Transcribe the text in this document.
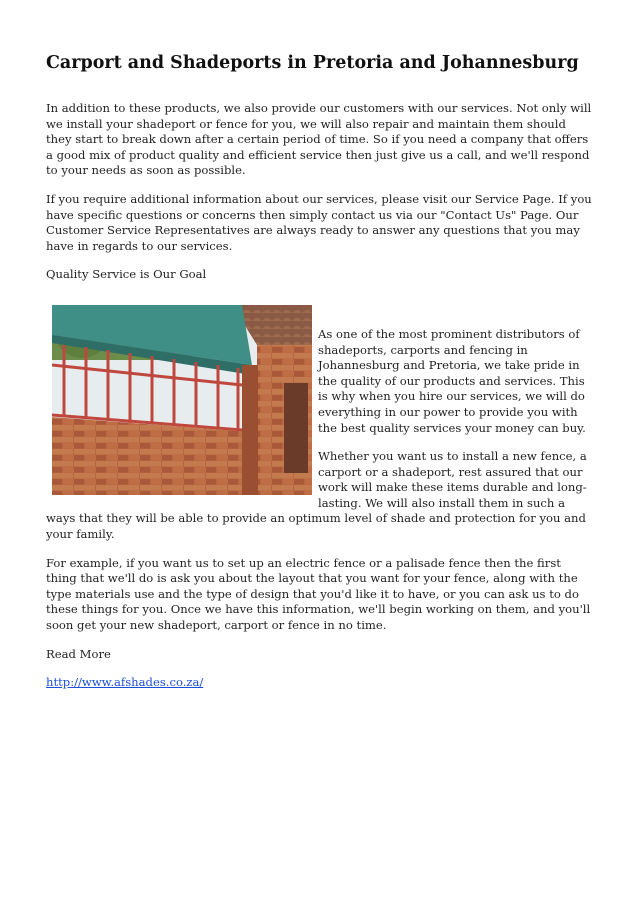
Carport and Shadeports in Pretoria and Johannesburg

In addition to these products, we also provide our customers with our services. Not only will we install your shadeport or fence for you, we will also repair and maintain them should they start to break down after a certain period of time. So if you need a company that offers a good mix of product quality and efficient service then just give us a call, and we'll respond to your needs as soon as possible.

If you require additional information about our services, please visit our Service Page. If you have specific questions or concerns then simply contact us via our "Contact Us" Page. Our Customer Service Representatives are always ready to answer any questions that you may have in regards to our services.

Quality Service is Our Goal

As one of the most prominent distributors of shadeports, carports and fencing in Johannesburg and Pretoria, we take pride in the quality of our products and services. This is why when you hire our services, we will do everything in our power to provide you with the best quality services your money can buy.

Whether you want us to install a new fence, a carport or a shadeport, rest assured that our work will make these items durable and long-lasting. We will also install them in such a ways that they will be able to provide an optimum level of shade and protection for you and your family.

For example, if you want us to set up an electric fence or a palisade fence then the first thing that we'll do is ask you about the layout that you want for your fence, along with the type materials use and the type of design that you'd like it to have, or you can ask us to do these things for you. Once we have this information, we'll begin working on them, and you'll soon get your new shadeport, carport or fence in no time.

Read More

http://www.afshades.co.za/
